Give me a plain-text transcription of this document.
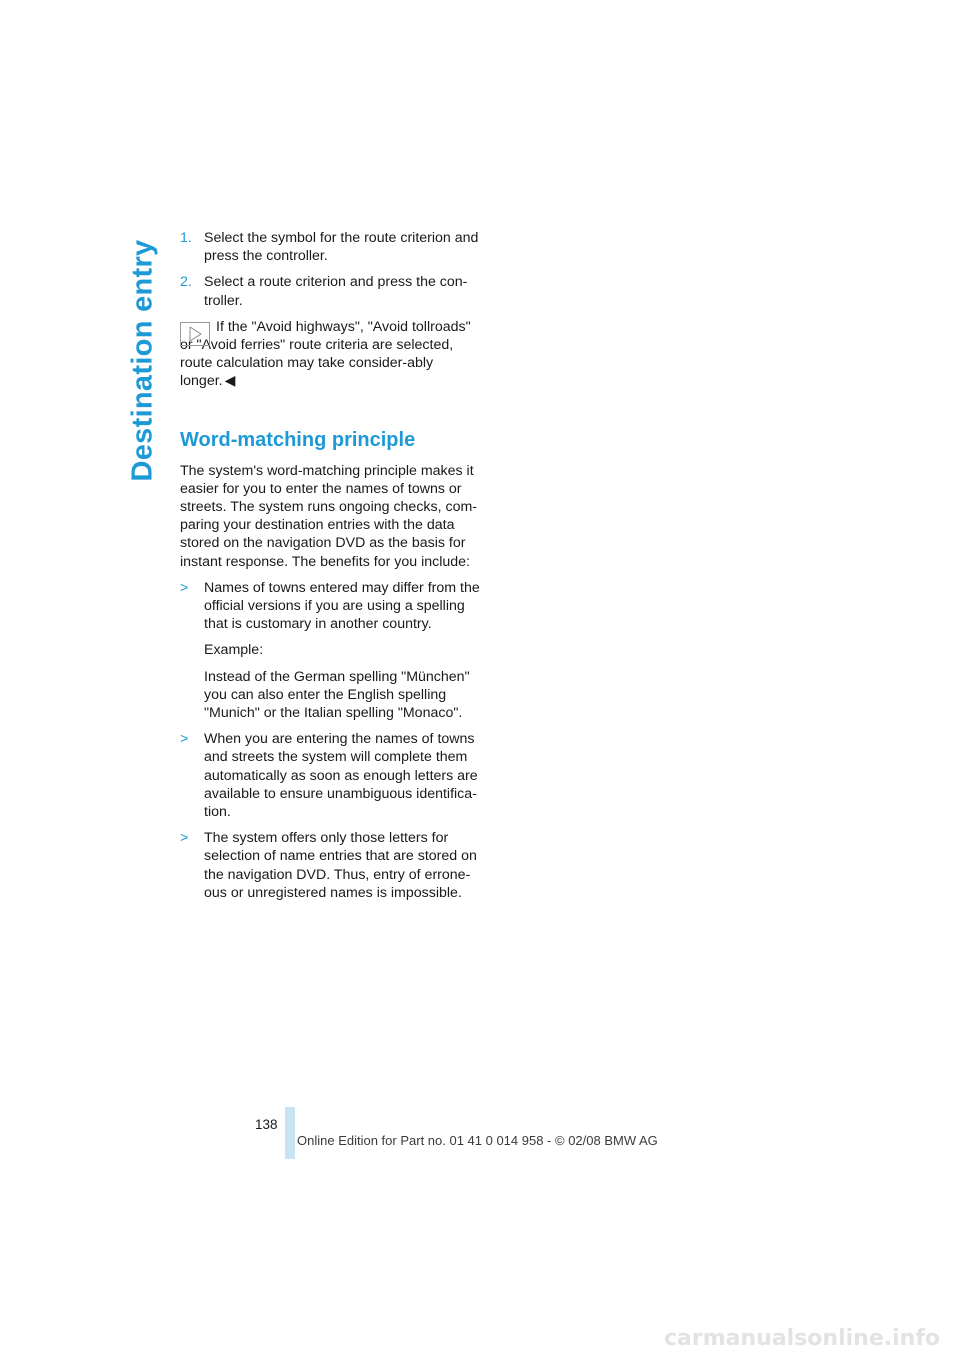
Destination entry
1. Select the symbol for the route criterion and press the controller.
2. Select a route criterion and press the con-troller.
If the "Avoid highways", "Avoid tollroads" or "Avoid ferries" route criteria are selected, route calculation may take consider-ably longer. ◀
Word-matching principle

The system's word-matching principle makes it easier for you to enter the names of towns or streets. The system runs ongoing checks, com-paring your destination entries with the data stored on the navigation DVD as the basis for instant response. The benefits for you include:

> Names of towns entered may differ from the official versions if you are using a spelling that is customary in another country.
Example:
Instead of the German spelling "München" you can also enter the English spelling "Munich" or the Italian spelling "Monaco".
> When you are entering the names of towns and streets the system will complete them automatically as soon as enough letters are available to ensure unambiguous identifica-tion.
> The system offers only those letters for selection of name entries that are stored on the navigation DVD. Thus, entry of errone-ous or unregistered names is impossible.
138
Online Edition for Part no. 01 41 0 014 958 - © 02/08 BMW AG
carmanualsonline.info
